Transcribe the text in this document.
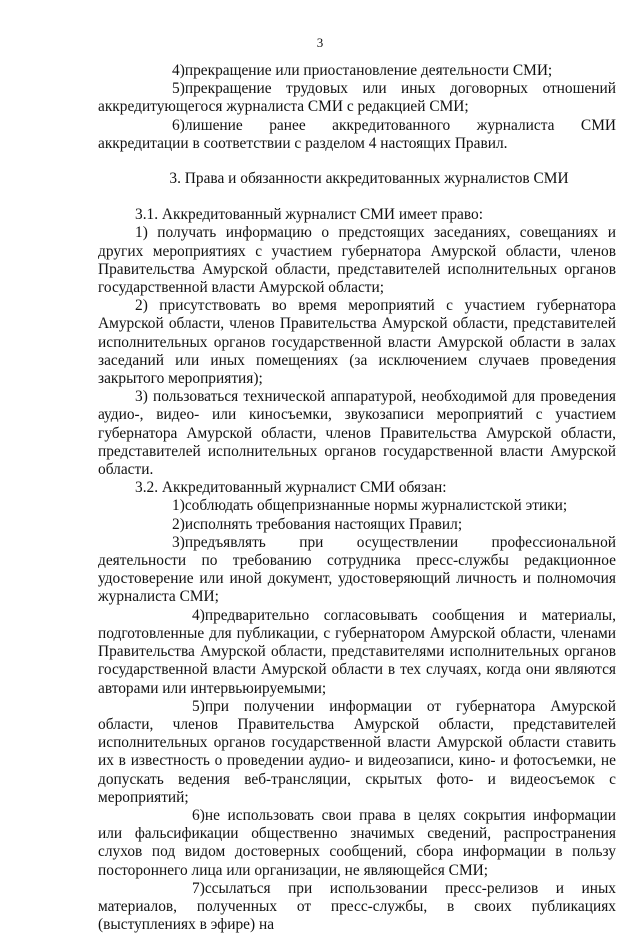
3

4)прекращение или приостановление деятельности СМИ;

5)прекращение трудовых или иных договорных отношений аккредитующегося журналиста СМИ с редакцией СМИ;

6)лишение ранее аккредитованного журналиста СМИ аккредитации в соответствии с разделом 4 настоящих Правил.

3. Права и обязанности аккредитованных журналистов СМИ

3.1. Аккредитованный журналист СМИ имеет право:

1) получать информацию о предстоящих заседаниях, совещаниях и других мероприятиях с участием губернатора Амурской области, членов Правительства Амурской области, представителей исполнительных органов государственной власти Амурской области;

2) присутствовать во время мероприятий с участием губернатора Амурской области, членов Правительства Амурской области, представителей исполнительных органов государственной власти Амурской области в залах заседаний или иных помещениях (за исключением случаев проведения закрытого мероприятия);

3) пользоваться технической аппаратурой, необходимой для проведения аудио-, видео- или киносъемки, звукозаписи мероприятий с участием губернатора Амурской области, членов Правительства Амурской области, представителей исполнительных органов государственной власти Амурской области.

3.2. Аккредитованный журналист СМИ обязан:

1)соблюдать общепризнанные нормы журналистской этики;

2)исполнять требования настоящих Правил;

3)предъявлять при осуществлении профессиональной деятельности по требованию сотрудника пресс-службы редакционное удостоверение или иной документ, удостоверяющий личность и полномочия журналиста СМИ;

4)предварительно согласовывать сообщения и материалы, подготовленные для публикации, с губернатором Амурской области, членами Правительства Амурской области, представителями исполнительных органов государственной власти Амурской области в тех случаях, когда они являются авторами или интервьюируемыми;

5)при получении информации от губернатора Амурской области, членов Правительства Амурской области, представителей исполнительных органов государственной власти Амурской области ставить их в известность о проведении аудио- и видеозаписи, кино- и фотосъемки, не допускать ведения веб-трансляции, скрытых фото- и видеосъемок с мероприятий;

6)не использовать свои права в целях сокрытия информации или фальсификации общественно значимых сведений, распространения слухов под видом достоверных сообщений, сбора информации в пользу постороннего лица или организации, не являющейся СМИ;

7)ссылаться при использовании пресс-релизов и иных материалов, полученных от пресс-службы, в своих публикациях (выступлениях в эфире) на
